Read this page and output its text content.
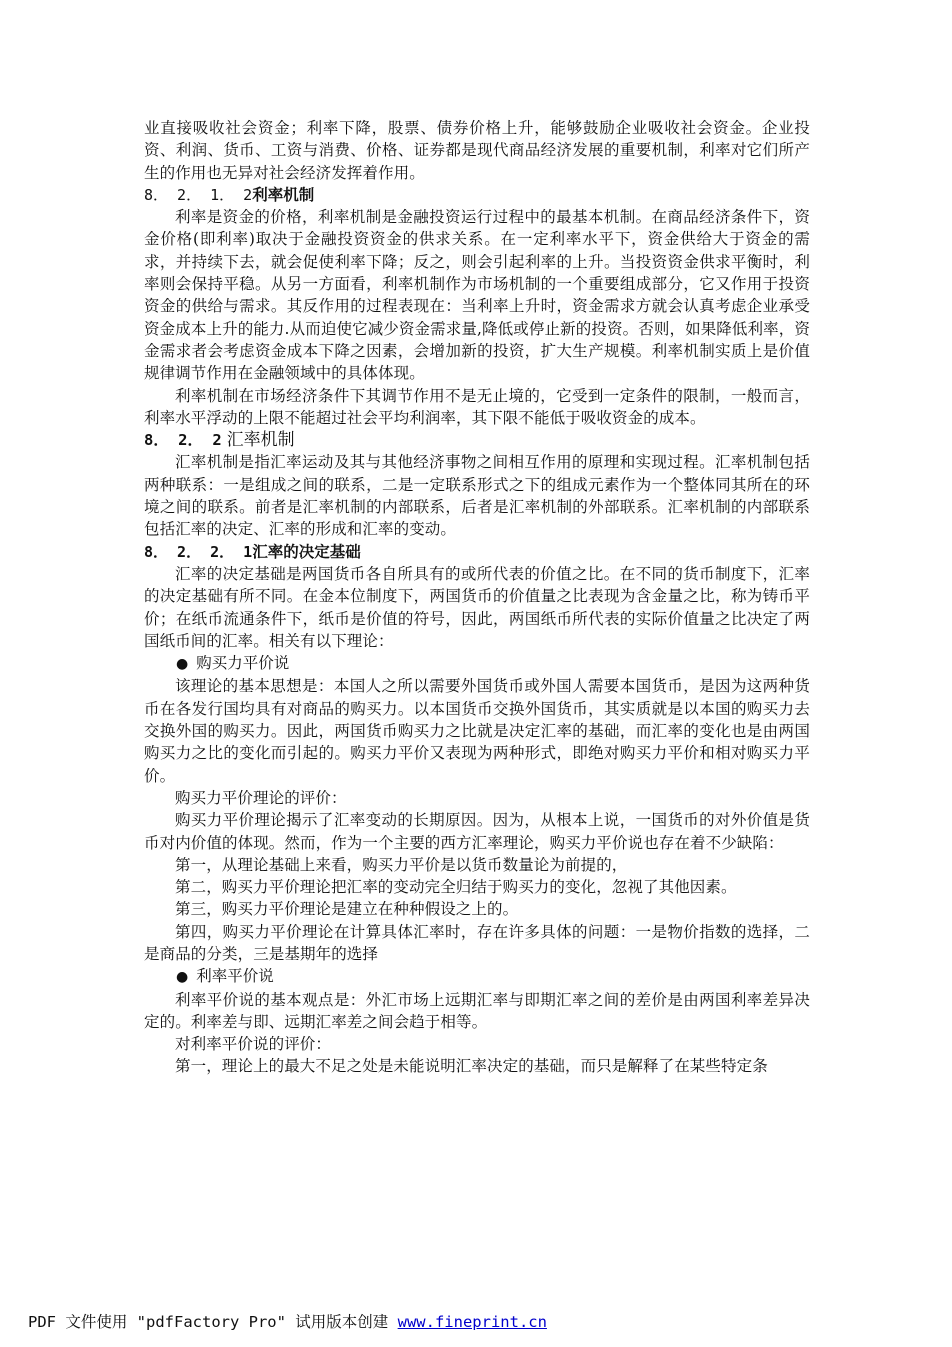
业直接吸收社会资金；利率下降，股票、债券价格上升，能够鼓励企业吸收社会资金。企业投资、利润、货币、工资与消费、价格、证券都是现代商品经济发展的重要机制，利率对它们所产生的作用也无异对社会经济发挥着作用。

8． 2． 1． 2利率机制

利率是资金的价格，利率机制是金融投资运行过程中的最基本机制。在商品经济条件下，资金价格(即利率)取决于金融投资资金的供求关系。在一定利率水平下，资金供给大于资金的需求，并持续下去，就会促使利率下降；反之，则会引起利率的上升。当投资资金供求平衡时，利率则会保持平稳。从另一方面看，利率机制作为市场机制的一个重要组成部分，它又作用于投资资金的供给与需求。其反作用的过程表现在：当利率上升时，资金需求方就会认真考虑企业承受资金成本上升的能力.从而迫使它减少资金需求量,降低或停止新的投资。否则，如果降低利率，资金需求者会考虑资金成本下降之因素，会增加新的投资，扩大生产规模。利率机制实质上是价值规律调节作用在金融领域中的具体体现。

利率机制在市场经济条件下其调节作用不是无止境的，它受到一定条件的限制，一般而言，利率水平浮动的上限不能超过社会平均利润率，其下限不能低于吸收资金的成本。

8． 2． 2 汇率机制

汇率机制是指汇率运动及其与其他经济事物之间相互作用的原理和实现过程。汇率机制包括两种联系：一是组成之间的联系，二是一定联系形式之下的组成元素作为一个整体同其所在的环境之间的联系。前者是汇率机制的内部联系，后者是汇率机制的外部联系。汇率机制的内部联系包括汇率的决定、汇率的形成和汇率的变动。

8． 2． 2． 1汇率的决定基础

汇率的决定基础是两国货币各自所具有的或所代表的价值之比。在不同的货币制度下，汇率的决定基础有所不同。在金本位制度下，两国货币的价值量之比表现为含金量之比，称为铸币平价；在纸币流通条件下，纸币是价值的符号，因此，两国纸币所代表的实际价值量之比决定了两国纸币间的汇率。相关有以下理论：

● 购买力平价说

该理论的基本思想是：本国人之所以需要外国货币或外国人需要本国货币，是因为这两种货币在各发行国均具有对商品的购买力。以本国货币交换外国货币，其实质就是以本国的购买力去交换外国的购买力。因此，两国货币购买力之比就是决定汇率的基础，而汇率的变化也是由两国购买力之比的变化而引起的。购买力平价又表现为两种形式，即绝对购买力平价和相对购买力平价。

购买力平价理论的评价：

购买力平价理论揭示了汇率变动的长期原因。因为，从根本上说，一国货币的对外价值是货币对内价值的体现。然而，作为一个主要的西方汇率理论，购买力平价说也存在着不少缺陷：

第一，从理论基础上来看，购买力平价是以货币数量论为前提的，

第二，购买力平价理论把汇率的变动完全归结于购买力的变化，忽视了其他因素。

第三，购买力平价理论是建立在种种假设之上的。

第四，购买力平价理论在计算具体汇率时，存在许多具体的问题：一是物价指数的选择，二是商品的分类，三是基期年的选择

● 利率平价说

利率平价说的基本观点是：外汇市场上远期汇率与即期汇率之间的差价是由两国利率差异决定的。利率差与即、远期汇率差之间会趋于相等。

对利率平价说的评价：

第一，理论上的最大不足之处是未能说明汇率决定的基础，而只是解释了在某些特定条

PDF 文件使用 "pdfFactory Pro" 试用版本创建 www.fineprint.cn
